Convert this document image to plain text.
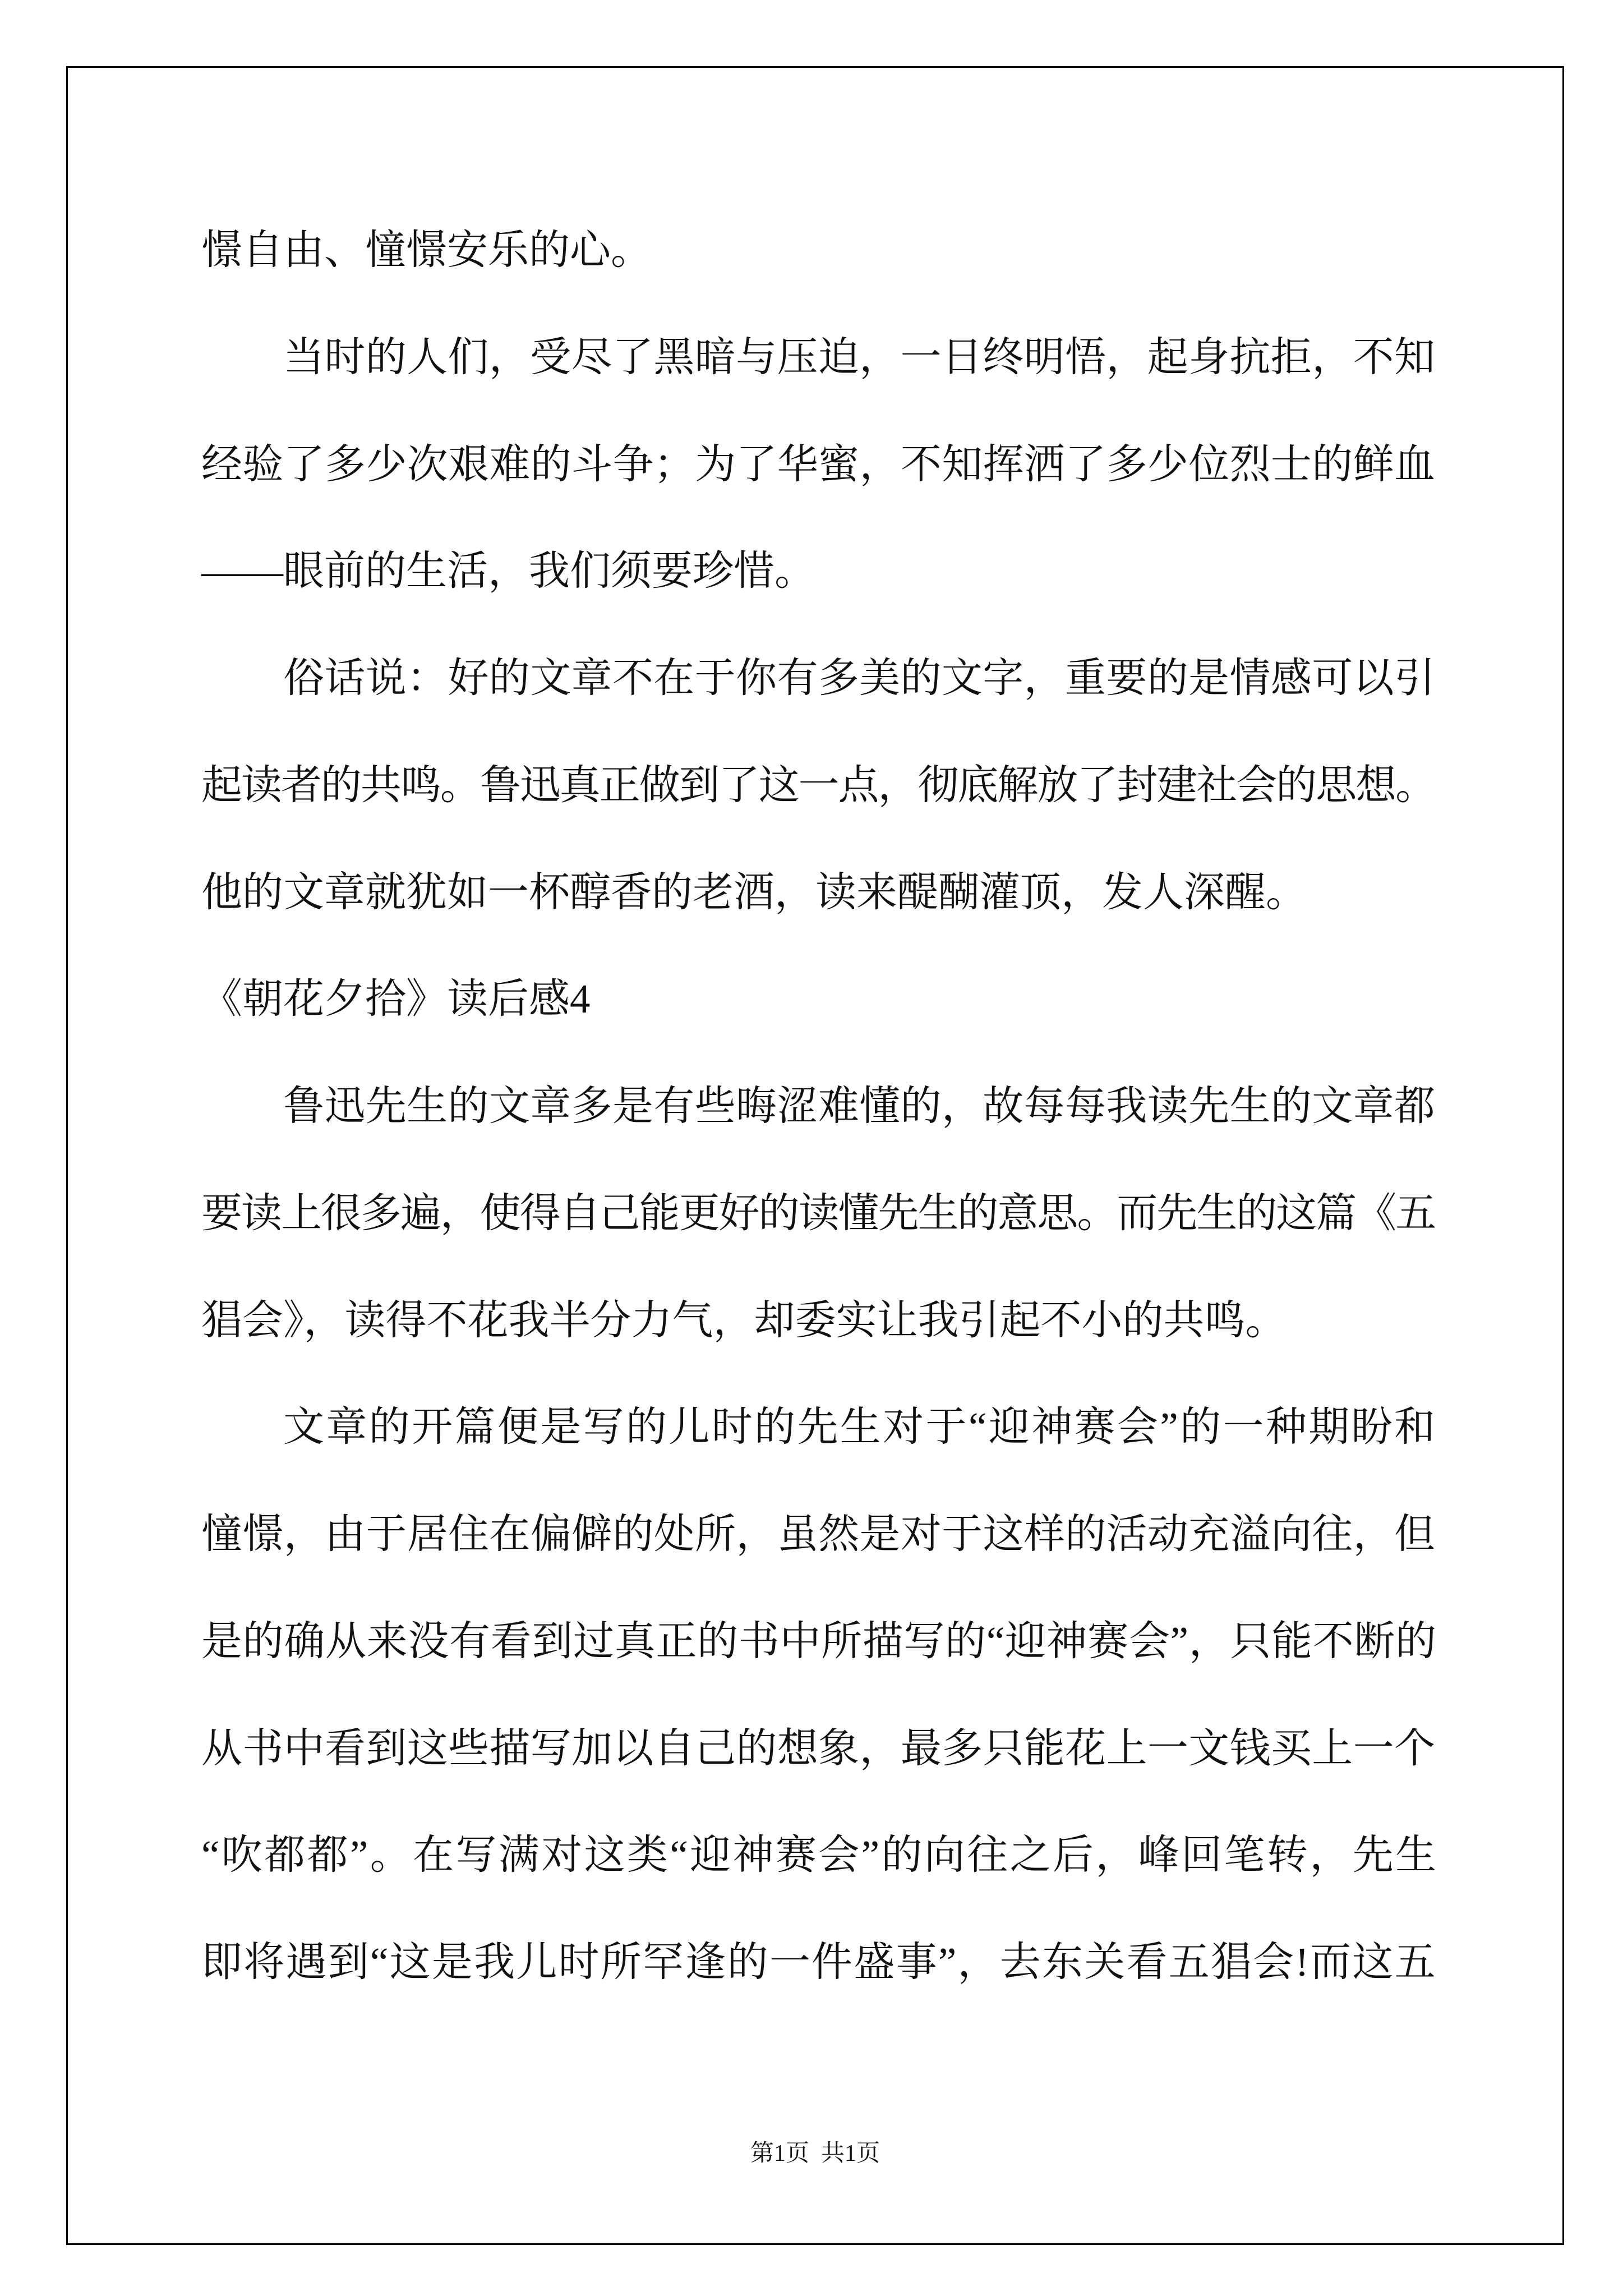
憬自由、憧憬安乐的心。
当时的人们，受尽了黑暗与压迫，一日终明悟，起身抗拒，不知
经验了多少次艰难的斗争；为了华蜜，不知挥洒了多少位烈士的鲜血
——眼前的生活，我们须要珍惜。
俗话说：好的文章不在于你有多美的文字，重要的是情感可以引
起读者的共鸣。鲁迅真正做到了这一点，彻底解放了封建社会的思想。
他的文章就犹如一杯醇香的老酒，读来醍醐灌顶，发人深醒。
《朝花夕拾》读后感4
鲁迅先生的文章多是有些晦涩难懂的，故每每我读先生的文章都
要读上很多遍，使得自己能更好的读懂先生的意思。而先生的这篇《五
猖会》，读得不花我半分力气，却委实让我引起不小的共鸣。
文章的开篇便是写的儿时的先生对于“迎神赛会”的一种期盼和
憧憬，由于居住在偏僻的处所，虽然是对于这样的活动充溢向往，但
是的确从来没有看到过真正的书中所描写的“迎神赛会”，只能不断的
从书中看到这些描写加以自己的想象，最多只能花上一文钱买上一个
“吹都都”。在写满对这类“迎神赛会”的向往之后，峰回笔转，先生
即将遇到“这是我儿时所罕逢的一件盛事”，去东关看五猖会!而这五
第1页  共1页
